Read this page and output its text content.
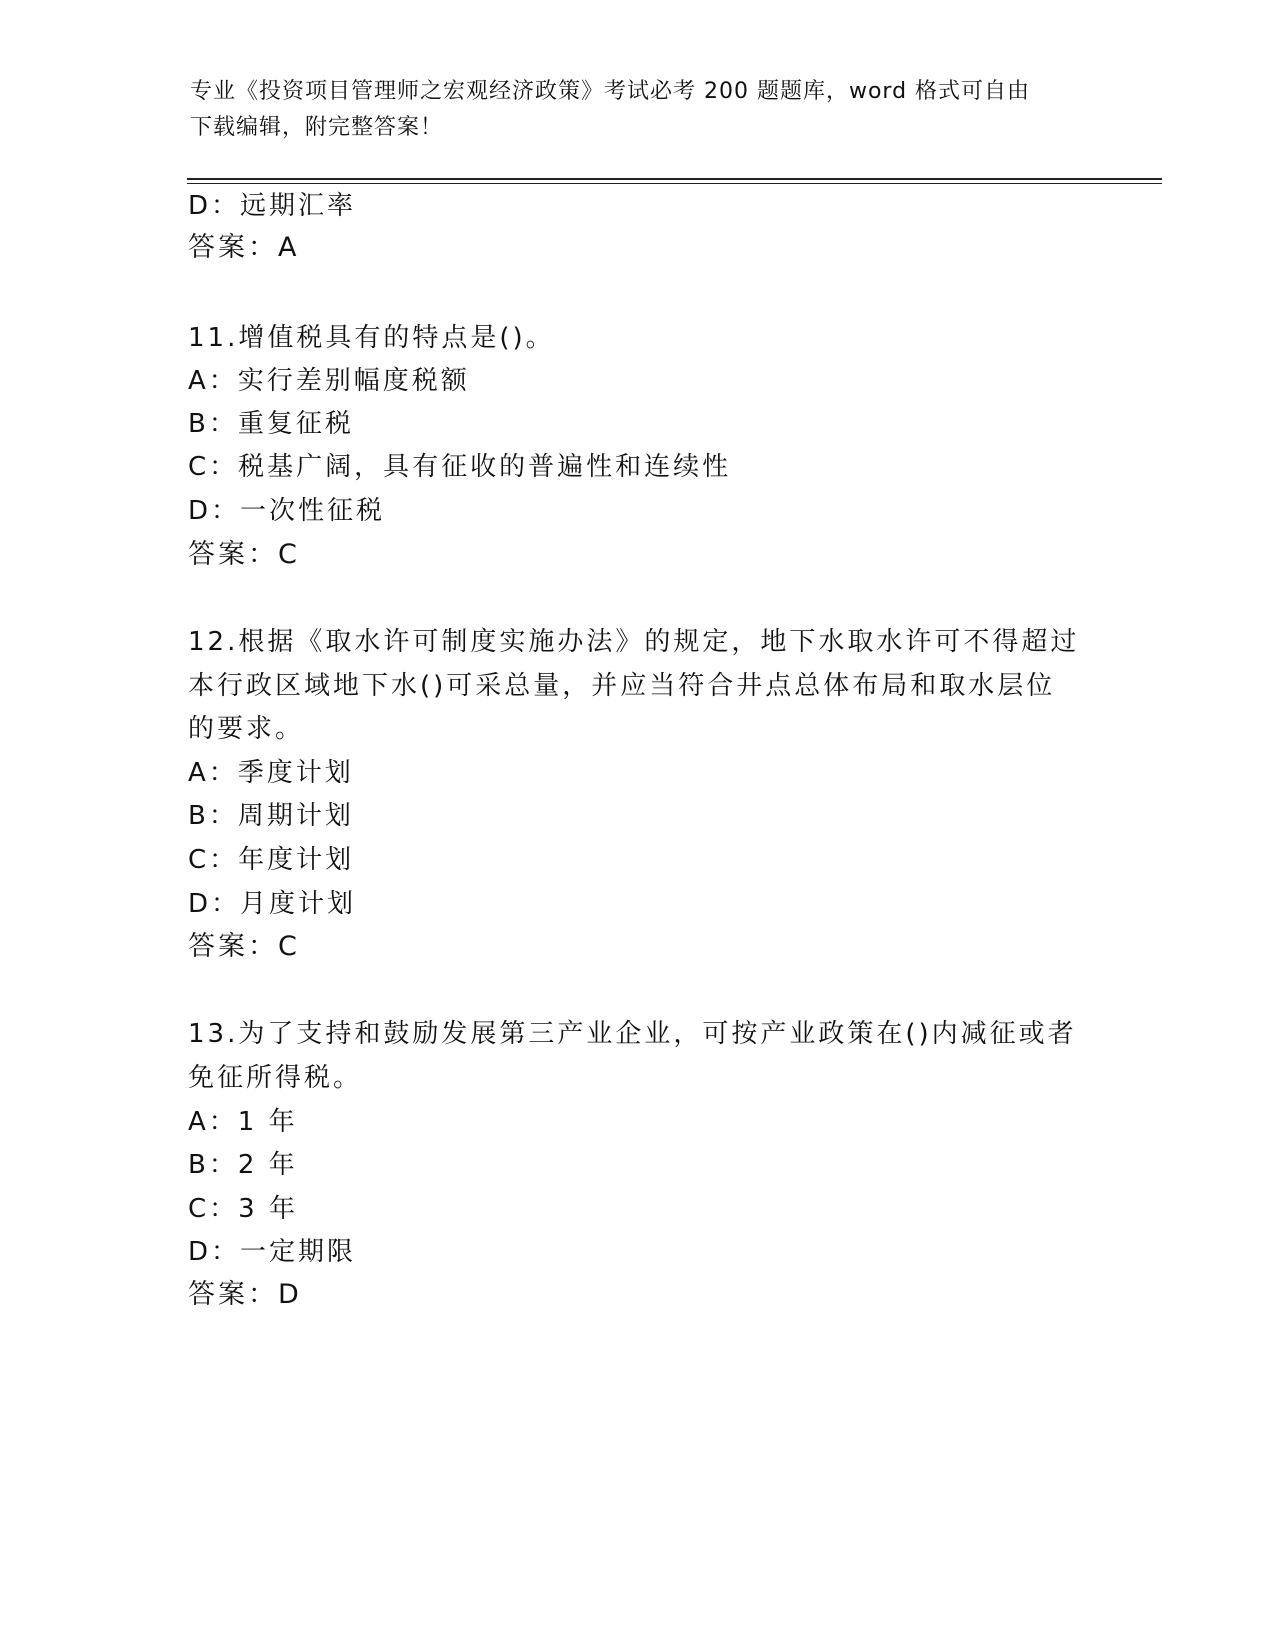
专业《投资项目管理师之宏观经济政策》考试必考 200 题题库，word 格式可自由
下载编辑，附完整答案！
D：远期汇率
答案：A
11.增值税具有的特点是()。
A：实行差别幅度税额
B：重复征税
C：税基广阔，具有征收的普遍性和连续性
D：一次性征税
答案：C
12.根据《取水许可制度实施办法》的规定，地下水取水许可不得超过
本行政区域地下水()可采总量，并应当符合井点总体布局和取水层位
的要求。
A：季度计划
B：周期计划
C：年度计划
D：月度计划
答案：C
13.为了支持和鼓励发展第三产业企业，可按产业政策在()内减征或者
免征所得税。
A：1 年
B：2 年
C：3 年
D：一定期限
答案：D
